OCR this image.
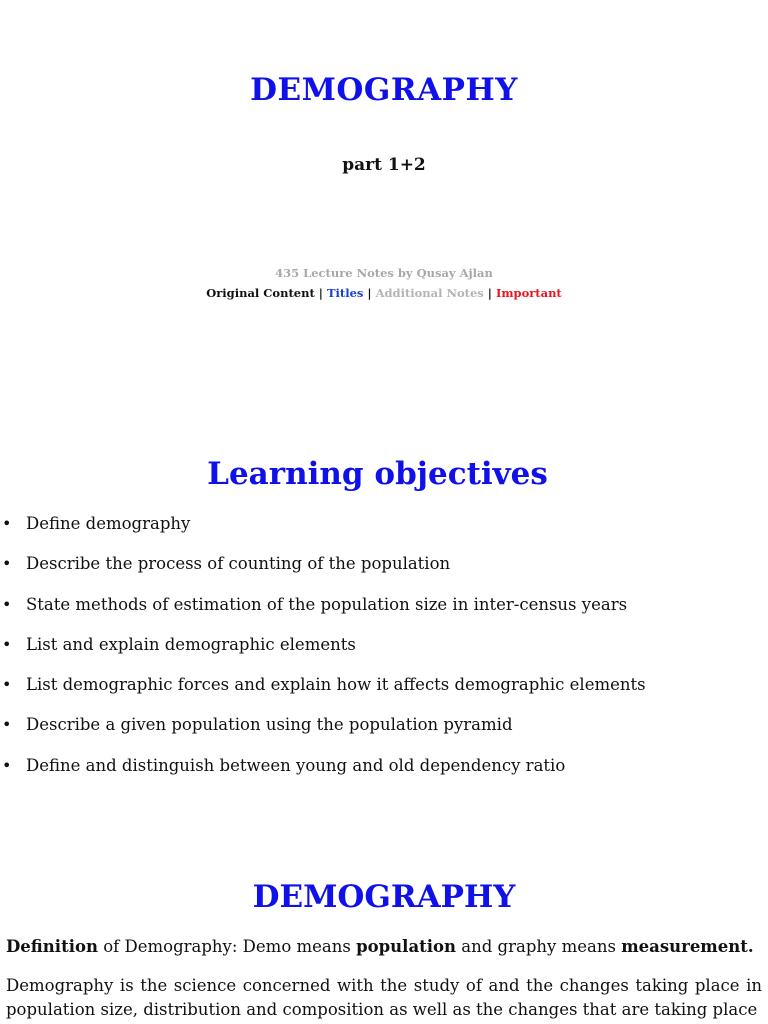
DEMOGRAPHY
part 1+2
435 Lecture Notes by Qusay Ajlan
Original Content | Titles | Additional Notes | Important
Learning objectives
• Define demography
• Describe the process of counting of the population
• State methods of estimation of the population size in inter-census years
• List and explain demographic elements
• List demographic forces and explain how it affects demographic elements
• Describe a given population using the population pyramid
• Define and distinguish between young and old dependency ratio
DEMOGRAPHY
Definition of Demography: Demo means population and graphy means measurement.
Demography is the science concerned with the study of and the changes taking place in
population size, distribution and composition as well as the changes that are taking place
